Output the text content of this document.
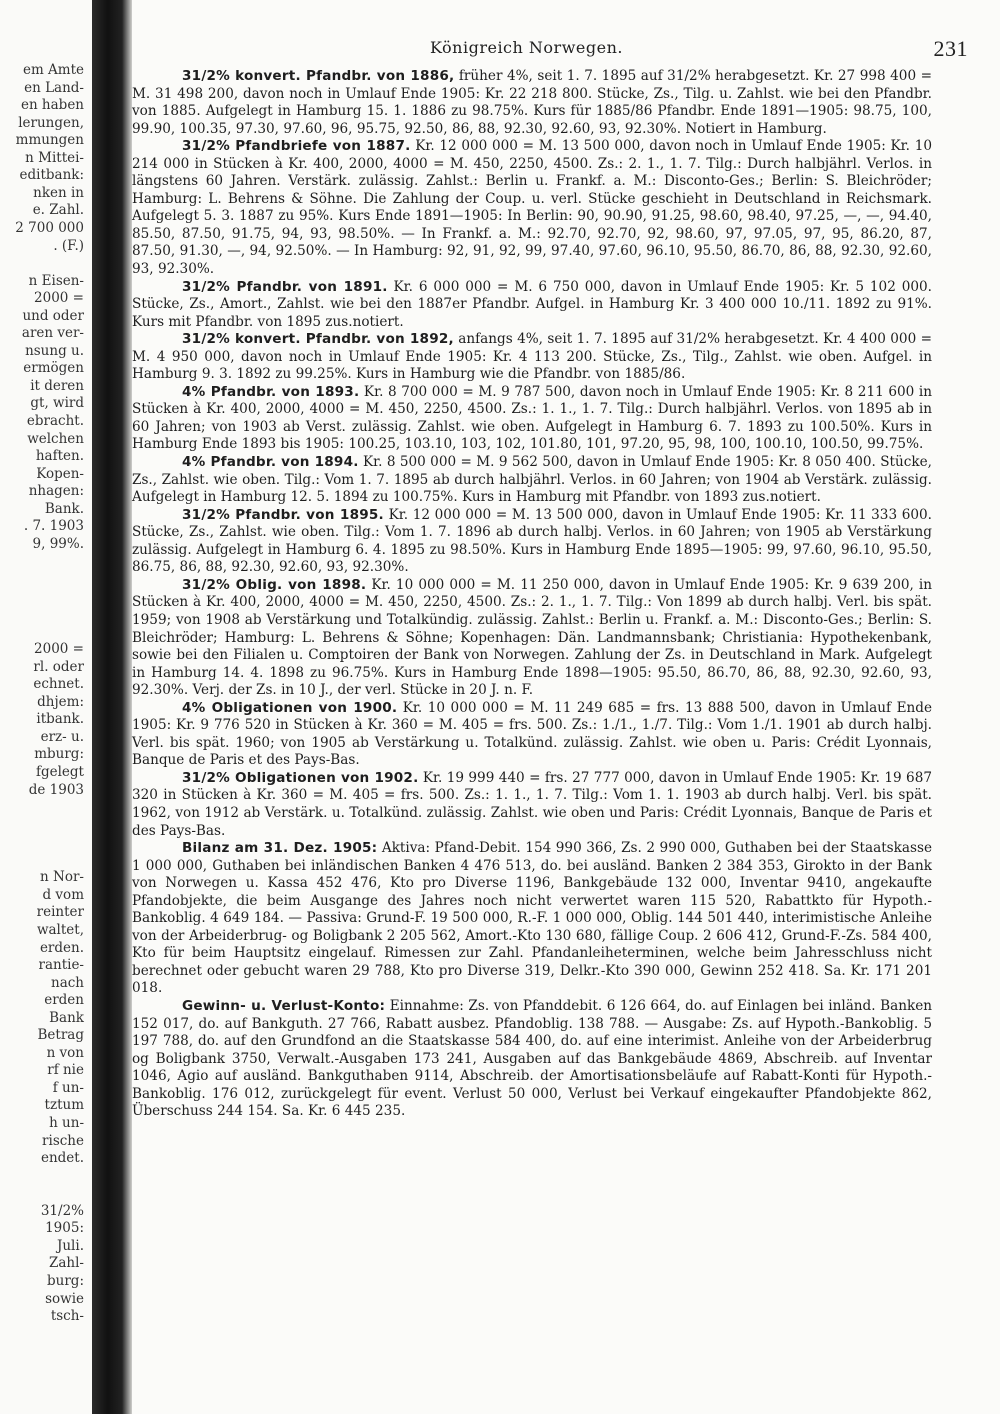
em Amte
en Land-
en haben
lerungen,
mmungen
n Mittei-
editbank:
nken in
e. Zahl.
2 700 000
. (F.)
n Eisen-
2000 =
und oder
aren ver-
nsung u.
ermögen
it deren
gt, wird
ebracht.
welchen
haften.
Kopen-
nhagen:
Bank.
. 7. 1903
9, 99%.
2000 =
rl. oder
echnet.
dhjem:
itbank.
erz- u.
mburg:
fgelegt
de 1903
n Nor-
d vom
reinter
waltet,
erden.
rantie-
nach
erden
Bank
Betrag
n von
rf nie
f un-
tztum
h un-
rische
endet.
31/2%
1905:
Juli.
Zahl-
burg:
sowie
tsch-
Königreich Norwegen.	231

31/2% konvert. Pfandbr. von 1886, früher 4%, seit 1. 7. 1895 auf 31/2% herabgesetzt. Kr. 27 998 400 = M. 31 498 200, davon noch in Umlauf Ende 1905: Kr. 22 218 800. Stücke, Zs., Tilg. u. Zahlst. wie bei den Pfandbr. von 1885. Aufgelegt in Hamburg 15. 1. 1886 zu 98.75%. Kurs für 1885/86 Pfandbr. Ende 1891—1905: 98.75, 100, 99.90, 100.35, 97.30, 97.60, 96, 95.75, 92.50, 86, 88, 92.30, 92.60, 93, 92.30%. Notiert in Hamburg.

31/2% Pfandbriefe von 1887. Kr. 12 000 000 = M. 13 500 000, davon noch in Umlauf Ende 1905: Kr. 10 214 000 in Stücken à Kr. 400, 2000, 4000 = M. 450, 2250, 4500. Zs.: 2. 1., 1. 7. Tilg.: Durch halbjährl. Verlos. in längstens 60 Jahren. Verstärk. zulässig. Zahlst.: Berlin u. Frankf. a. M.: Disconto-Ges.; Berlin: S. Bleichröder; Hamburg: L. Behrens & Söhne. Die Zahlung der Coup. u. verl. Stücke geschieht in Deutschland in Reichsmark. Aufgelegt 5. 3. 1887 zu 95%. Kurs Ende 1891—1905: In Berlin: 90, 90.90, 91.25, 98.60, 98.40, 97.25, —, —, 94.40, 85.50, 87.50, 91.75, 94, 93, 98.50%. — In Frankf. a. M.: 92.70, 92.70, 92, 98.60, 97, 97.05, 97, 95, 86.20, 87, 87.50, 91.30, —, 94, 92.50%. — In Hamburg: 92, 91, 92, 99, 97.40, 97.60, 96.10, 95.50, 86.70, 86, 88, 92.30, 92.60, 93, 92.30%.

31/2% Pfandbr. von 1891. Kr. 6 000 000 = M. 6 750 000, davon in Umlauf Ende 1905: Kr. 5 102 000. Stücke, Zs., Amort., Zahlst. wie bei den 1887er Pfandbr. Aufgel. in Hamburg Kr. 3 400 000 10./11. 1892 zu 91%. Kurs mit Pfandbr. von 1895 zus.notiert.

31/2% konvert. Pfandbr. von 1892, anfangs 4%, seit 1. 7. 1895 auf 31/2% herabgesetzt. Kr. 4 400 000 = M. 4 950 000, davon noch in Umlauf Ende 1905: Kr. 4 113 200. Stücke, Zs., Tilg., Zahlst. wie oben. Aufgel. in Hamburg 9. 3. 1892 zu 99.25%. Kurs in Hamburg wie die Pfandbr. von 1885/86.

4% Pfandbr. von 1893. Kr. 8 700 000 = M. 9 787 500, davon noch in Umlauf Ende 1905: Kr. 8 211 600 in Stücken à Kr. 400, 2000, 4000 = M. 450, 2250, 4500. Zs.: 1. 1., 1. 7. Tilg.: Durch halbjährl. Verlos. von 1895 ab in 60 Jahren; von 1903 ab Verst. zulässig. Zahlst. wie oben. Aufgelegt in Hamburg 6. 7. 1893 zu 100.50%. Kurs in Hamburg Ende 1893 bis 1905: 100.25, 103.10, 103, 102, 101.80, 101, 97.20, 95, 98, 100, 100.10, 100.50, 99.75%.

4% Pfandbr. von 1894. Kr. 8 500 000 = M. 9 562 500, davon in Umlauf Ende 1905: Kr. 8 050 400. Stücke, Zs., Zahlst. wie oben. Tilg.: Vom 1. 7. 1895 ab durch halbjährl. Verlos. in 60 Jahren; von 1904 ab Verstärk. zulässig. Aufgelegt in Hamburg 12. 5. 1894 zu 100.75%. Kurs in Hamburg mit Pfandbr. von 1893 zus.notiert.

31/2% Pfandbr. von 1895. Kr. 12 000 000 = M. 13 500 000, davon in Umlauf Ende 1905: Kr. 11 333 600. Stücke, Zs., Zahlst. wie oben. Tilg.: Vom 1. 7. 1896 ab durch halbj. Verlos. in 60 Jahren; von 1905 ab Verstärkung zulässig. Aufgelegt in Hamburg 6. 4. 1895 zu 98.50%. Kurs in Hamburg Ende 1895—1905: 99, 97.60, 96.10, 95.50, 86.75, 86, 88, 92.30, 92.60, 93, 92.30%.

31/2% Oblig. von 1898. Kr. 10 000 000 = M. 11 250 000, davon in Umlauf Ende 1905: Kr. 9 639 200, in Stücken à Kr. 400, 2000, 4000 = M. 450, 2250, 4500. Zs.: 2. 1., 1. 7. Tilg.: Von 1899 ab durch halbj. Verl. bis spät. 1959; von 1908 ab Verstärkung und Totalkündig. zulässig. Zahlst.: Berlin u. Frankf. a. M.: Disconto-Ges.; Berlin: S. Bleichröder; Hamburg: L. Behrens & Söhne; Kopenhagen: Dän. Landmannsbank; Christiania: Hypothekenbank, sowie bei den Filialen u. Comptoiren der Bank von Norwegen. Zahlung der Zs. in Deutschland in Mark. Aufgelegt in Hamburg 14. 4. 1898 zu 96.75%. Kurs in Hamburg Ende 1898—1905: 95.50, 86.70, 86, 88, 92.30, 92.60, 93, 92.30%. Verj. der Zs. in 10 J., der verl. Stücke in 20 J. n. F.

4% Obligationen von 1900. Kr. 10 000 000 = M. 11 249 685 = frs. 13 888 500, davon in Umlauf Ende 1905: Kr. 9 776 520 in Stücken à Kr. 360 = M. 405 = frs. 500. Zs.: 1./1., 1./7. Tilg.: Vom 1./1. 1901 ab durch halbj. Verl. bis spät. 1960; von 1905 ab Verstärkung u. Totalkünd. zulässig. Zahlst. wie oben u. Paris: Crédit Lyonnais, Banque de Paris et des Pays-Bas.

31/2% Obligationen von 1902. Kr. 19 999 440 = frs. 27 777 000, davon in Umlauf Ende 1905: Kr. 19 687 320 in Stücken à Kr. 360 = M. 405 = frs. 500. Zs.: 1. 1., 1. 7. Tilg.: Vom 1. 1. 1903 ab durch halbj. Verl. bis spät. 1962, von 1912 ab Verstärk. u. Totalkünd. zulässig. Zahlst. wie oben und Paris: Crédit Lyonnais, Banque de Paris et des Pays-Bas.

Bilanz am 31. Dez. 1905: Aktiva: Pfand-Debit. 154 990 366, Zs. 2 990 000, Guthaben bei der Staatskasse 1 000 000, Guthaben bei inländischen Banken 4 476 513, do. bei ausländ. Banken 2 384 353, Girokto in der Bank von Norwegen u. Kassa 452 476, Kto pro Diverse 1196, Bankgebäude 132 000, Inventar 9410, angekaufte Pfandobjekte, die beim Ausgange des Jahres noch nicht verwertet waren 115 520, Rabattkto für Hypoth.-Bankoblig. 4 649 184. — Passiva: Grund-F. 19 500 000, R.-F. 1 000 000, Oblig. 144 501 440, interimistische Anleihe von der Arbeiderbrug- og Boligbank 2 205 562, Amort.-Kto 130 680, fällige Coup. 2 606 412, Grund-F.-Zs. 584 400, Kto für beim Hauptsitz eingelauf. Rimessen zur Zahl. Pfandanleiheterminen, welche beim Jahresschluss nicht berechnet oder gebucht waren 29 788, Kto pro Diverse 319, Delkr.-Kto 390 000, Gewinn 252 418. Sa. Kr. 171 201 018.

Gewinn- u. Verlust-Konto: Einnahme: Zs. von Pfanddebit. 6 126 664, do. auf Einlagen bei inländ. Banken 152 017, do. auf Bankguth. 27 766, Rabatt ausbez. Pfandoblig. 138 788. — Ausgabe: Zs. auf Hypoth.-Bankoblig. 5 197 788, do. auf den Grundfond an die Staatskasse 584 400, do. auf eine interimist. Anleihe von der Arbeiderbrug og Boligbank 3750, Verwalt.-Ausgaben 173 241, Ausgaben auf das Bankgebäude 4869, Abschreib. auf Inventar 1046, Agio auf ausländ. Bankguthaben 9114, Abschreib. der Amortisationsbeläufe auf Rabatt-Konti für Hypoth.-Bankoblig. 176 012, zurückgelegt für event. Verlust 50 000, Verlust bei Verkauf eingekaufter Pfandobjekte 862, Überschuss 244 154. Sa. Kr. 6 445 235.
